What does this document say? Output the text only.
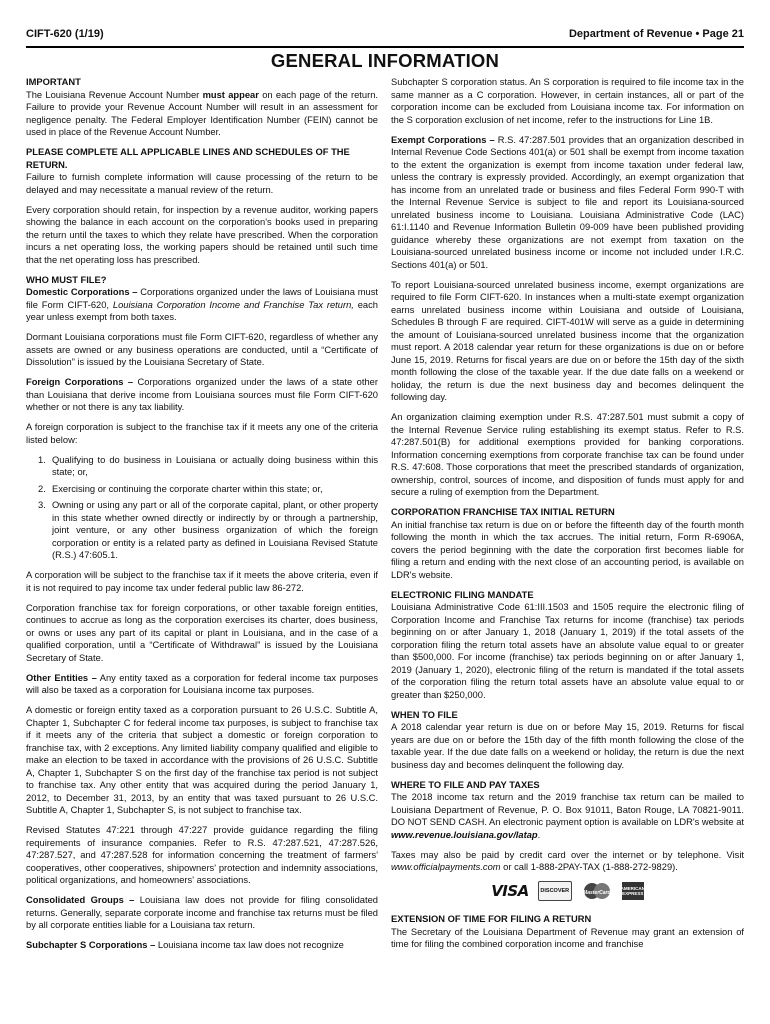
CIFT-620 (1/19)	Department of Revenue • Page 21
GENERAL INFORMATION
IMPORTANT

The Louisiana Revenue Account Number must appear on each page of the return. Failure to provide your Revenue Account Number will result in an assessment for negligence penalty. The Federal Employer Identification Number (FEIN) cannot be used in place of the Revenue Account Number.

PLEASE COMPLETE ALL APPLICABLE LINES AND SCHEDULES OF THE RETURN.

Failure to furnish complete information will cause processing of the return to be delayed and may necessitate a manual review of the return.

Every corporation should retain, for inspection by a revenue auditor, working papers showing the balance in each account on the corporation's books used in preparing the return until the taxes to which they relate have prescribed. When the corporation incurs a net operating loss, the working papers should be retained until such time that the net operating loss has prescribed.

WHO MUST FILE?

Domestic Corporations – Corporations organized under the laws of Louisiana must file Form CIFT-620, Louisiana Corporation Income and Franchise Tax return, each year unless exempt from both taxes.

Dormant Louisiana corporations must file Form CIFT-620, regardless of whether any assets are owned or any business operations are conducted, until a “Certificate of Dissolution” is issued by the Louisiana Secretary of State.

Foreign Corporations – Corporations organized under the laws of a state other than Louisiana that derive income from Louisiana sources must file Form CIFT-620 whether or not there is any tax liability.

A foreign corporation is subject to the franchise tax if it meets any one of the criteria listed below:

1. Qualifying to do business in Louisiana or actually doing business within this state; or,
2. Exercising or continuing the corporate charter within this state; or,
3. Owning or using any part or all of the corporate capital, plant, or other property in this state whether owned directly or indirectly by or through a partnership, joint venture, or any other business organization of which the foreign corporation or entity is a related party as defined in Louisiana Revised Statute (R.S.) 47:605.1.

A corporation will be subject to the franchise tax if it meets the above criteria, even if it is not required to pay income tax under federal public law 86-272.

Corporation franchise tax for foreign corporations, or other taxable foreign entities, continues to accrue as long as the corporation exercises its charter, does business, or owns or uses any part of its capital or plant in Louisiana, and in the case of a qualified corporation, until a “Certificate of Withdrawal” is issued by the Louisiana Secretary of State.

Other Entities – Any entity taxed as a corporation for federal income tax purposes will also be taxed as a corporation for Louisiana income tax purposes.

A domestic or foreign entity taxed as a corporation pursuant to 26 U.S.C. Subtitle A, Chapter 1, Subchapter C for federal income tax purposes, is subject to franchise tax if it meets any of the criteria that subject a domestic or foreign corporation to franchise tax, with 2 exceptions. Any limited liability company qualified and eligible to make an election to be taxed in accordance with the provisions of 26 U.S.C. Subtitle A, Chapter 1, Subchapter S on the first day of the franchise tax period is not subject to franchise tax. Any other entity that was acquired during the period January 1, 2012, to December 31, 2013, by an entity that was taxed pursuant to 26 U.S.C. Subtitle A, Chapter 1, Subchapter S, is not subject to franchise tax.

Revised Statutes 47:221 through 47:227 provide guidance regarding the filing requirements of insurance companies. Refer to R.S. 47:287.521, 47:287.526, 47:287.527, and 47:287.528 for information concerning the treatment of farmers' cooperatives, other cooperatives, shipowners' protection and indemnity associations, political organizations, and homeowners' associations.

Consolidated Groups – Louisiana law does not provide for filing consolidated returns. Generally, separate corporate income and franchise tax returns must be filed by all corporate entities liable for a Louisiana tax return.

Subchapter S Corporations – Louisiana income tax law does not recognize

Subchapter S corporation status. An S corporation is required to file income tax in the same manner as a C corporation. However, in certain instances, all or part of the corporation income can be excluded from Louisiana income tax. For information on the S corporation exclusion of net income, refer to the instructions for Line 1B.

Exempt Corporations – R.S. 47:287.501 provides that an organization described in Internal Revenue Code Sections 401(a) or 501 shall be exempt from income taxation to the extent the organization is exempt from income taxation under federal law, unless the contrary is expressly provided. Accordingly, an exempt organization that has income from an unrelated trade or business and files Federal Form 990-T with the Internal Revenue Service is subject to file and report its Louisiana-sourced unrelated business income to Louisiana. Louisiana Administrative Code (LAC) 61:I.1140 and Revenue Information Bulletin 09-009 have been published providing guidance whereby these organizations are not exempt from taxation on the Louisiana-sourced unrelated business income or income not included under I.R.C. Sections 401(a) or 501.

To report Louisiana-sourced unrelated business income, exempt organizations are required to file Form CIFT-620. In instances when a multi-state exempt organization earns unrelated business income within Louisiana and outside of Louisiana, Schedules B through F are required. CIFT-401W will serve as a guide in determining the amount of Louisiana-sourced unrelated business income that the organization must report. A 2018 calendar year return for these organizations is due on or before June 15, 2019. Returns for fiscal years are due on or before the 15th day of the sixth month following the close of the taxable year. If the due date falls on a weekend or holiday, the return is due the next business day and becomes delinquent the following day.

An organization claiming exemption under R.S. 47:287.501 must submit a copy of the Internal Revenue Service ruling establishing its exempt status. Refer to R.S. 47:287.501(B) for additional exemptions provided for banking corporations. Information concerning exemptions from corporate franchise tax can be found under R.S. 47:608. Those corporations that meet the prescribed standards of organization, ownership, control, sources of income, and disposition of funds must apply for and secure a ruling of exemption from the Department.

CORPORATION FRANCHISE TAX INITIAL RETURN

An initial franchise tax return is due on or before the fifteenth day of the fourth month following the month in which the tax accrues. The initial return, Form R-6906A, covers the period beginning with the date the corporation first becomes liable for filing a return and ending with the next close of an accounting period, is available on LDR's website.

ELECTRONIC FILING MANDATE

Louisiana Administrative Code 61:III.1503 and 1505 require the electronic filing of Corporation Income and Franchise Tax returns for income (franchise) tax periods beginning on or after January 1, 2018 (January 1, 2019) if the total assets of the corporation filing the return total assets have an absolute value equal to or greater than $500,000. For income (franchise) tax periods beginning on or after January 1, 2019 (January 1, 2020), electronic filing of the return is mandated if the total assets of the corporation filing the return total assets have an absolute value equal to or greater than $250,000.

WHEN TO FILE

A 2018 calendar year return is due on or before May 15, 2019. Returns for fiscal years are due on or before the 15th day of the fifth month following the close of the taxable year. If the due date falls on a weekend or holiday, the return is due the next business day and becomes delinquent the following day.

WHERE TO FILE AND PAY TAXES

The 2018 income tax return and the 2019 franchise tax return can be mailed to Louisiana Department of Revenue, P. O. Box 91011, Baton Rouge, LA 70821-9011. DO NOT SEND CASH. An electronic payment option is available on LDR's website at www.revenue.louisiana.gov/latap.

Taxes may also be paid by credit card over the internet or by telephone. Visit www.officialpayments.com or call 1-888-2PAY-TAX (1-888-272-9829).

VISA	DISCOVER	MasterCard
AMERICAN EXPRESS
EXTENSION OF TIME FOR FILING A RETURN

The Secretary of the Louisiana Department of Revenue may grant an extension of time for filing the combined corporation income and franchise
